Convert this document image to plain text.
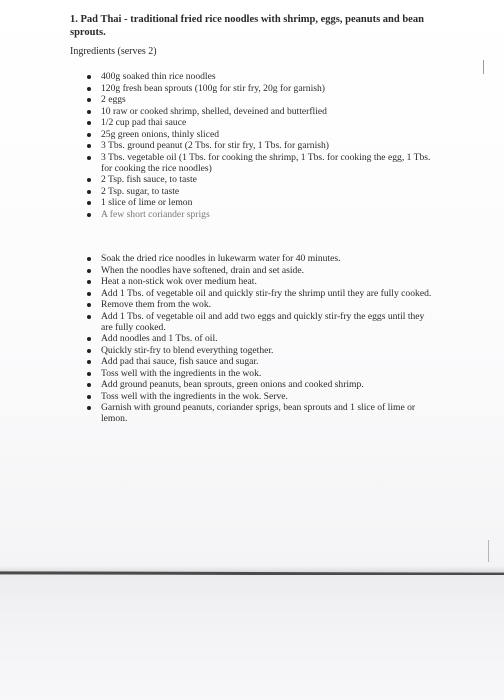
1. Pad Thai - traditional fried rice noodles with shrimp, eggs, peanuts and bean sprouts.

Ingredients (serves 2)

400g soaked thin rice noodles
120g fresh bean sprouts (100g for stir fry, 20g for garnish)
2 eggs
10 raw or cooked shrimp, shelled, deveined and butterflied
1/2 cup pad thai sauce
25g green onions, thinly sliced
3 Tbs. ground peanut (2 Tbs. for stir fry, 1 Tbs. for garnish)
3 Tbs. vegetable oil (1 Tbs. for cooking the shrimp, 1 Tbs. for cooking the egg, 1 Tbs. for cooking the rice noodles)
2 Tsp. fish sauce, to taste
2 Tsp. sugar, to taste
1 slice of lime or lemon
A few short coriander sprigs
Soak the dried rice noodles in lukewarm water for 40 minutes.
When the noodles have softened, drain and set aside.
Heat a non-stick wok over medium heat.
Add 1 Tbs. of vegetable oil and quickly stir-fry the shrimp until they are fully cooked.
Remove them from the wok.
Add 1 Tbs. of vegetable oil and add two eggs and quickly stir-fry the eggs until they are fully cooked.
Add noodles and 1 Tbs. of oil.
Quickly stir-fry to blend everything together.
Add pad thai sauce, fish sauce and sugar.
Toss well with the ingredients in the wok.
Add ground peanuts, bean sprouts, green onions and cooked shrimp.
Toss well with the ingredients in the wok. Serve.
Garnish with ground peanuts, coriander sprigs, bean sprouts and 1 slice of lime or lemon.
